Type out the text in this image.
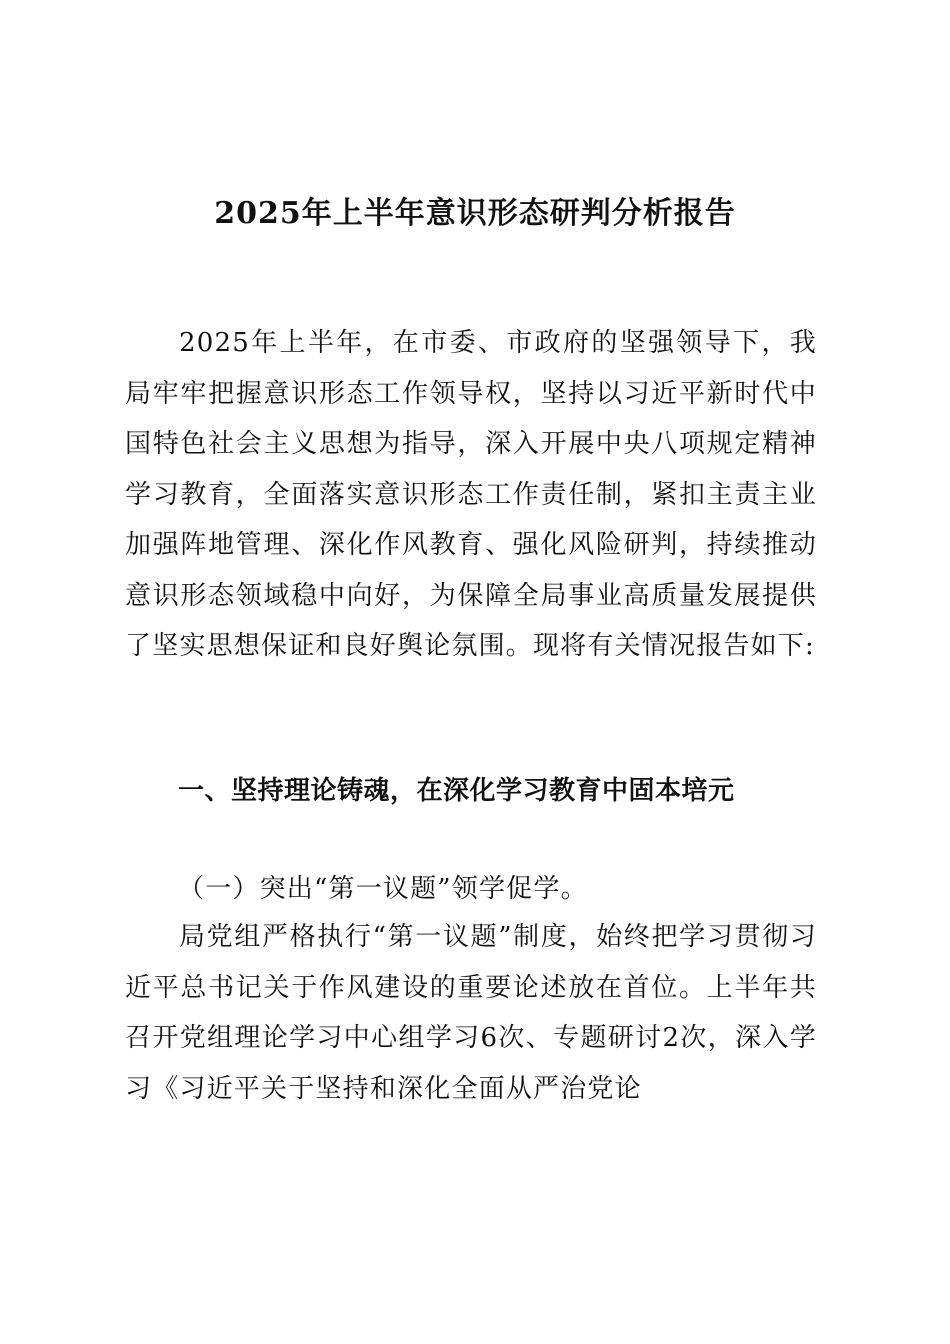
2025年上半年意识形态研判分析报告

2025年上半年，在市委、市政府的坚强领导下，我局牢牢把握意识形态工作领导权，坚持以习近平新时代中国特色社会主义思想为指导，深入开展中央八项规定精神学习教育，全面落实意识形态工作责任制，紧扣主责主业加强阵地管理、深化作风教育、强化风险研判，持续推动意识形态领域稳中向好，为保障全局事业高质量发展提供了坚实思想保证和良好舆论氛围。现将有关情况报告如下:

一、坚持理论铸魂，在深化学习教育中固本培元

（一）突出“第一议题”领学促学。

局党组严格执行“第一议题”制度，始终把学习贯彻习近平总书记关于作风建设的重要论述放在首位。上半年共召开党组理论学习中心组学习6次、专题研讨2次，深入学习《习近平关于坚持和深化全面从严治党论
